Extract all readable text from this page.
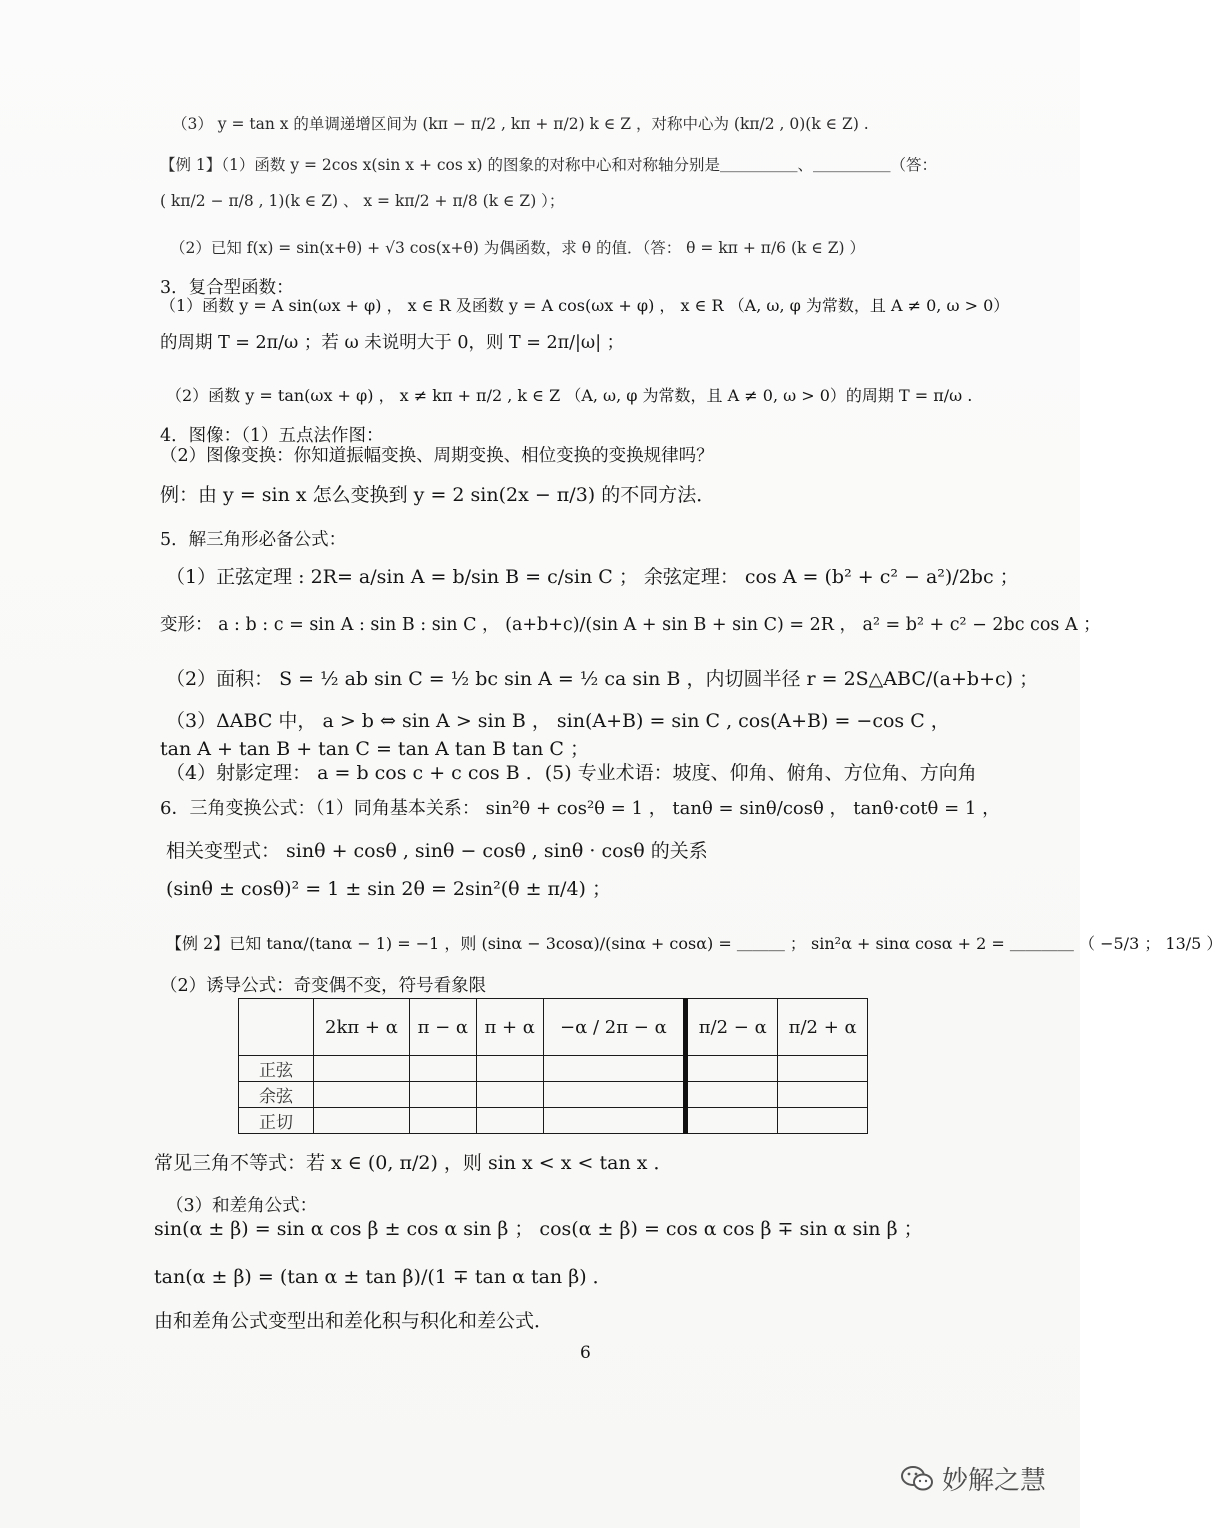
（3） y = tan x 的单调递增区间为 (kπ − π/2 , kπ + π/2) k ∈ Z ，对称中心为 (kπ/2 , 0)(k ∈ Z) .
【例 1】（1）函数 y = 2cos x(sin x + cos x) 的图象的对称中心和对称轴分别是＿＿＿＿＿、＿＿＿＿＿（答：
( kπ/2 − π/8 , 1)(k ∈ Z) 、 x = kπ/2 + π/8 (k ∈ Z) ）；
（2）已知 f(x) = sin(x+θ) + √3 cos(x+θ) 为偶函数，求 θ 的值．（答： θ = kπ + π/6 (k ∈ Z) ）
3．复合型函数：
（1）函数 y = A sin(ωx + φ) ， x ∈ R 及函数 y = A cos(ωx + φ) ， x ∈ R （A, ω, φ 为常数，且 A ≠ 0, ω > 0）
的周期 T = 2π/ω ；若 ω 未说明大于 0，则 T = 2π/|ω| ；
（2）函数 y = tan(ωx + φ) ， x ≠ kπ + π/2 , k ∈ Z （A, ω, φ 为常数，且 A ≠ 0, ω > 0）的周期 T = π/ω .
4．图像：（1）五点法作图：
（2）图像变换：你知道振幅变换、周期变换、相位变换的变换规律吗？
例：由 y = sin x 怎么变换到 y = 2 sin(2x − π/3) 的不同方法．
5．解三角形必备公式：
（1）正弦定理 : 2R= a/sin A = b/sin B = c/sin C ； 余弦定理： cos A = (b² + c² − a²)/2bc ；
变形： a : b : c = sin A : sin B : sin C ， (a+b+c)/(sin A + sin B + sin C) = 2R ， a² = b² + c² − 2bc cos A ；
（2）面积： S = ½ ab sin C = ½ bc sin A = ½ ca sin B ，内切圆半径 r = 2S△ABC/(a+b+c) ；
（3）ΔABC 中， a > b ⇔ sin A > sin B ， sin(A+B) = sin C , cos(A+B) = −cos C ，
tan A + tan B + tan C = tan A tan B tan C ；
（4）射影定理： a = b cos c + c cos B ．(5) 专业术语：坡度、仰角、俯角、方位角、方向角
6．三角变换公式：（1）同角基本关系： sin²θ + cos²θ = 1 ， tanθ = sinθ/cosθ ， tanθ·cotθ = 1 ，
相关变型式： sinθ + cosθ , sinθ − cosθ , sinθ · cosθ 的关系
(sinθ ± cosθ)² = 1 ± sin 2θ = 2sin²(θ ± π/4) ；
【例 2】已知 tanα/(tanα − 1) = −1 ，则 (sinα − 3cosα)/(sinα + cosα) = ＿＿＿ ； sin²α + sinα cosα + 2 = ＿＿＿＿ （ −5/3 ； 13/5 ）
（2）诱导公式：奇变偶不变，符号看象限
	2kπ + α	π − α	π + α	−α / 2π − α	π/2 − α	π/2 + α
正弦						
余弦						
正切						
常见三角不等式：若 x ∈ (0, π/2) ，则 sin x < x < tan x ．
（3）和差角公式：
sin(α ± β) = sin α cos β ± cos α sin β ； cos(α ± β) = cos α cos β ∓ sin α sin β ；
tan(α ± β) = (tan α ± tan β)/(1 ∓ tan α tan β) ．
由和差角公式变型出和差化积与积化和差公式．
6
妙解之慧
